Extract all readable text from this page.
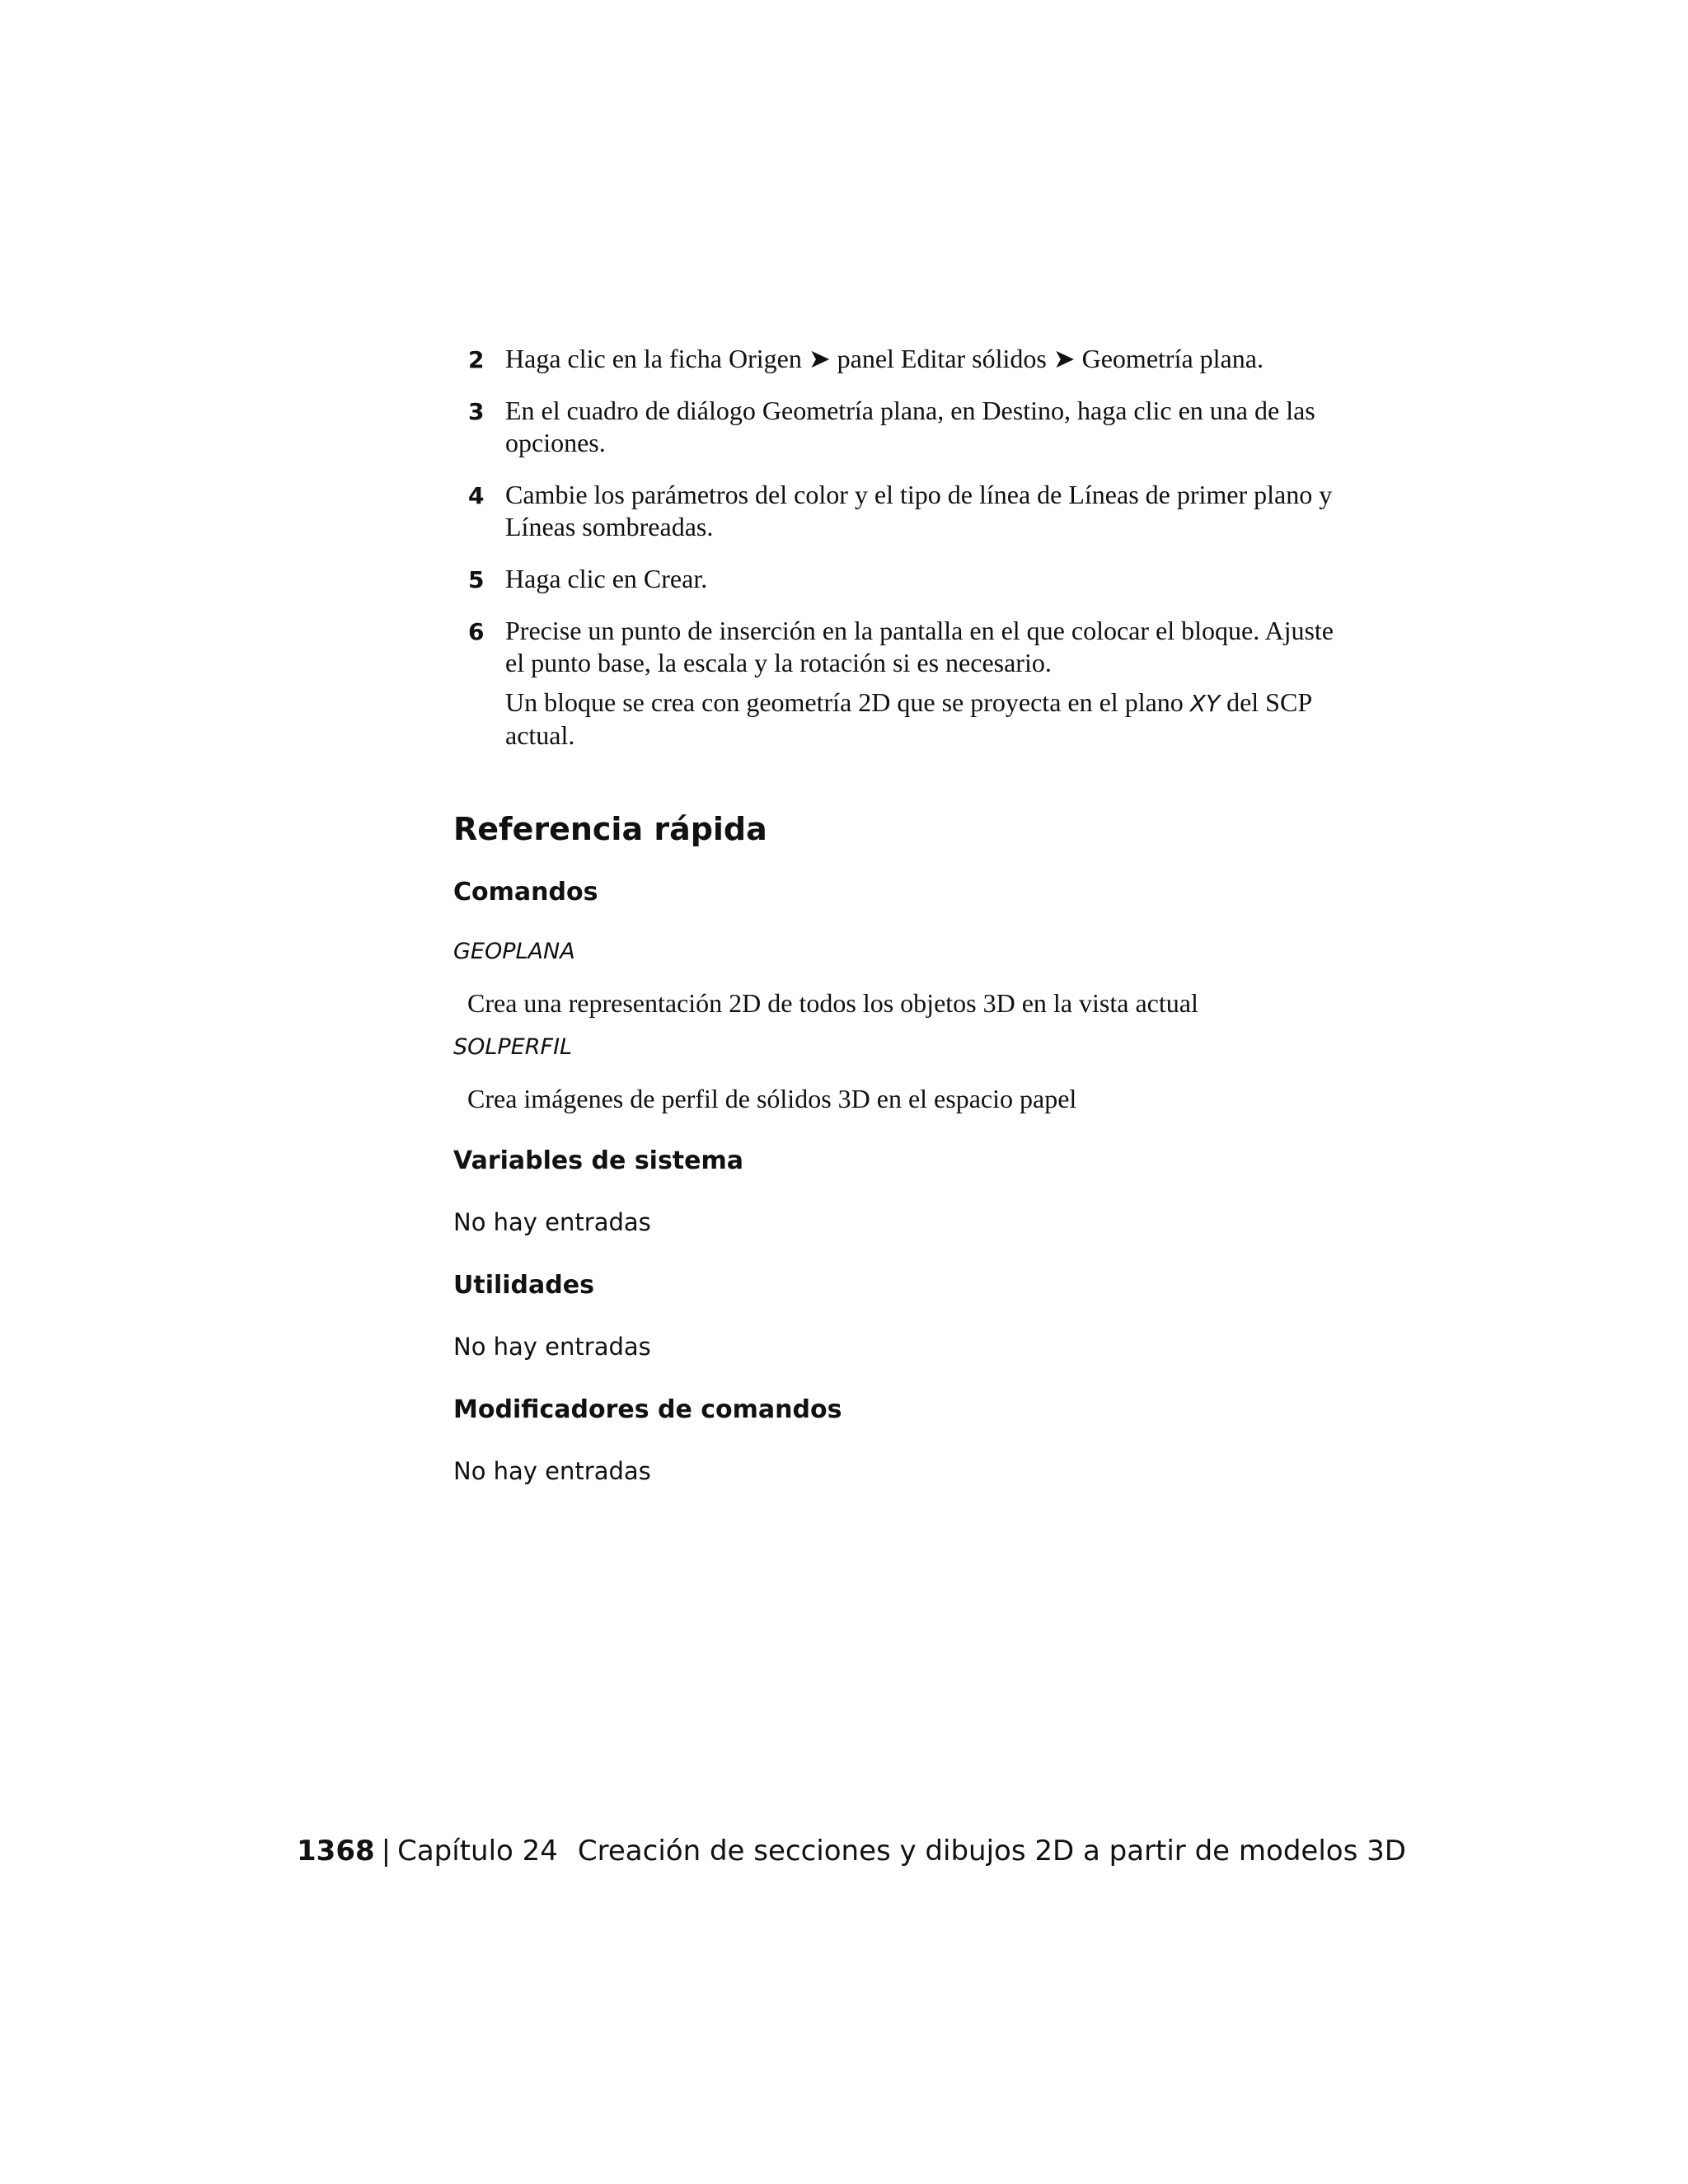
2 Haga clic en la ficha Origen ➤ panel Editar sólidos ➤ Geometría plana.

3 En el cuadro de diálogo Geometría plana, en Destino, haga clic en una de las opciones.

4 Cambie los parámetros del color y el tipo de línea de Líneas de primer plano y Líneas sombreadas.

5 Haga clic en Crear.

6 Precise un punto de inserción en la pantalla en el que colocar el bloque. Ajuste el punto base, la escala y la rotación si es necesario.

Un bloque se crea con geometría 2D que se proyecta en el plano XY del SCP actual.

Referencia rápida
Comandos

GEOPLANA

Crea una representación 2D de todos los objetos 3D en la vista actual

SOLPERFIL

Crea imágenes de perfil de sólidos 3D en el espacio papel

Variables de sistema

No hay entradas

Utilidades

No hay entradas

Modificadores de comandos

No hay entradas

1368 | Capítulo 24 Creación de secciones y dibujos 2D a partir de modelos 3D
